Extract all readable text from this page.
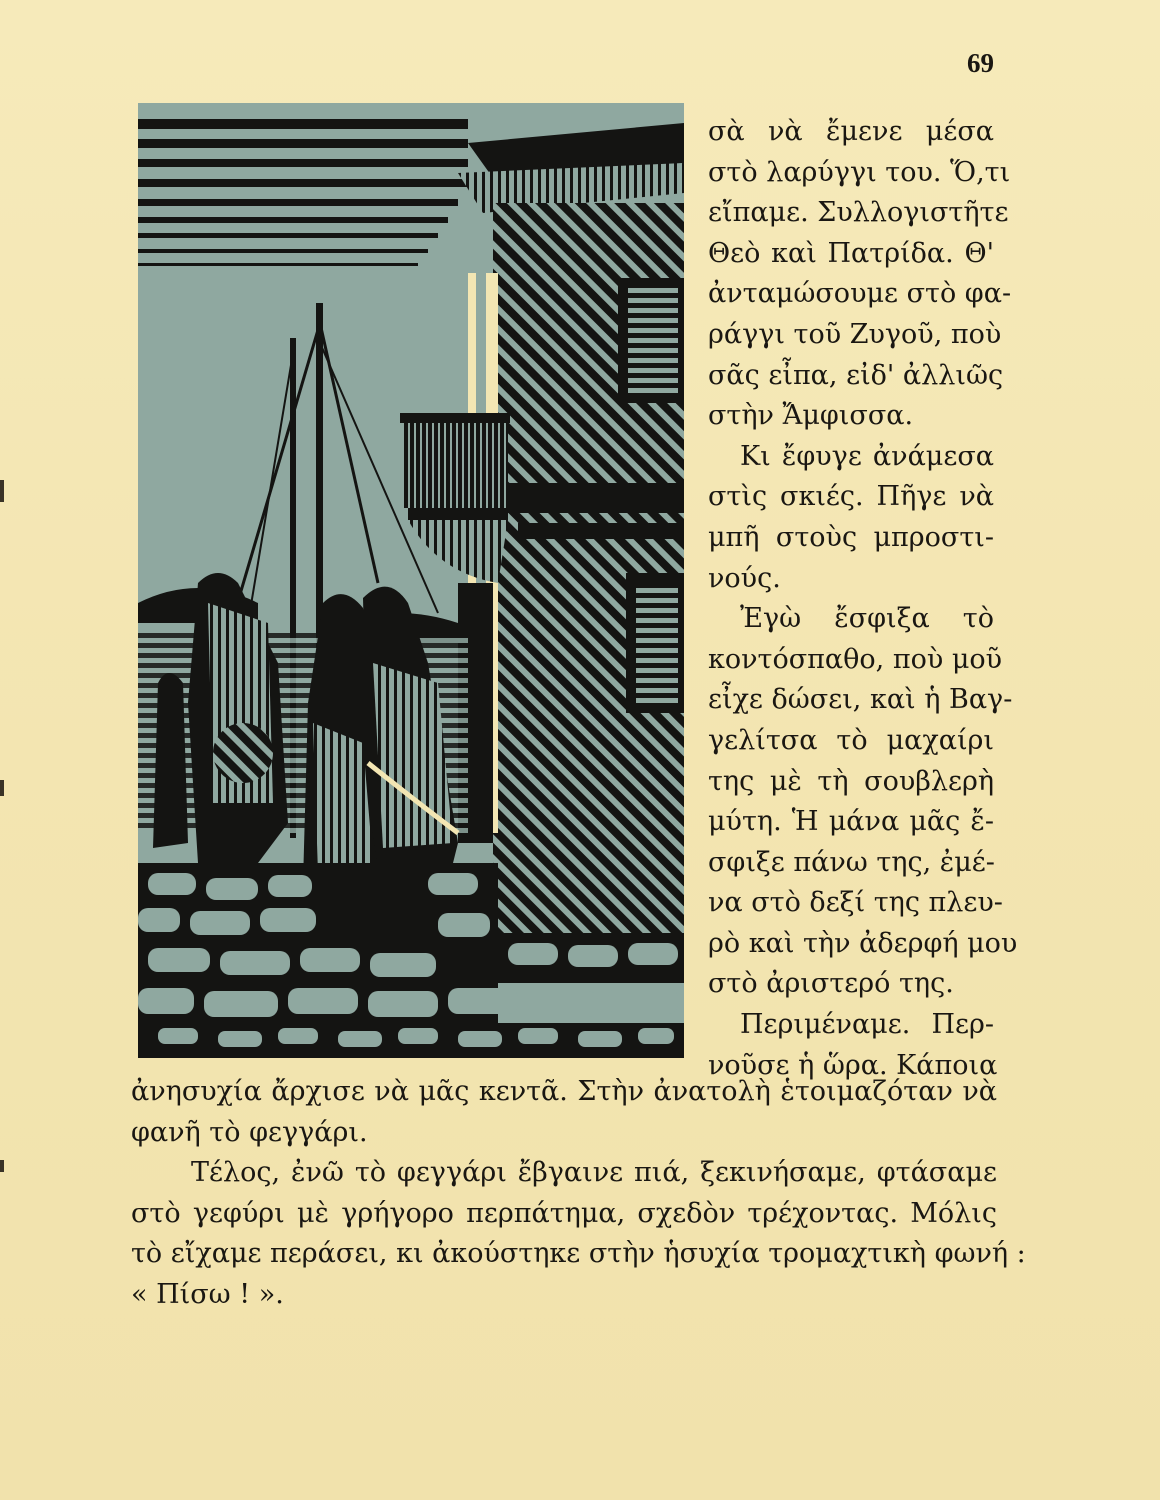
69
σὰ νὰ ἔμενε μέσα
στὸ λαρύγγι του. Ὅ,τι
εἴπαμε. Συλλογιστῆτε
Θεὸ καὶ Πατρίδα. Θ'
ἀνταμώσουμε στὸ φα-
ράγγι τοῦ Ζυγοῦ, ποὺ
σᾶς εἶπα, εἰδ' ἀλλιῶς
στὴν Ἄμφισσα.
Κι ἔφυγε ἀνάμεσα
στὶς σκιές. Πῆγε νὰ
μπῆ στοὺς μπροστι-
νούς.
Ἐγὼ ἔσφιξα τὸ
κοντόσπαθο, ποὺ μοῦ
εἶχε δώσει, καὶ ἡ Βαγ-
γελίτσα τὸ μαχαίρι
της μὲ τὴ σουβλερὴ
μύτη. Ἡ μάνα μᾶς ἔ-
σφιξε πάνω της, ἐμέ-
να στὸ δεξί της πλευ-
ρὸ καὶ τὴν ἀδερφή μου
στὸ ἀριστερό της.
Περιμέναμε. Περ-
νοῦσε ἡ ὥρα. Κάποια
ἀνησυχία ἄρχισε νὰ μᾶς κεντᾶ. Στὴν ἀνατολὴ ἑτοιμαζόταν νὰ
φανῆ τὸ φεγγάρι.
Τέλος, ἐνῶ τὸ φεγγάρι ἔβγαινε πιά, ξεκινήσαμε, φτάσαμε
στὸ γεφύρι μὲ γρήγορο περπάτημα, σχεδὸν τρέχοντας. Μόλις
τὸ εἴχαμε περάσει, κι ἀκούστηκε στὴν ἡσυχία τρομαχτικὴ φωνή :
« Πίσω ! ».
